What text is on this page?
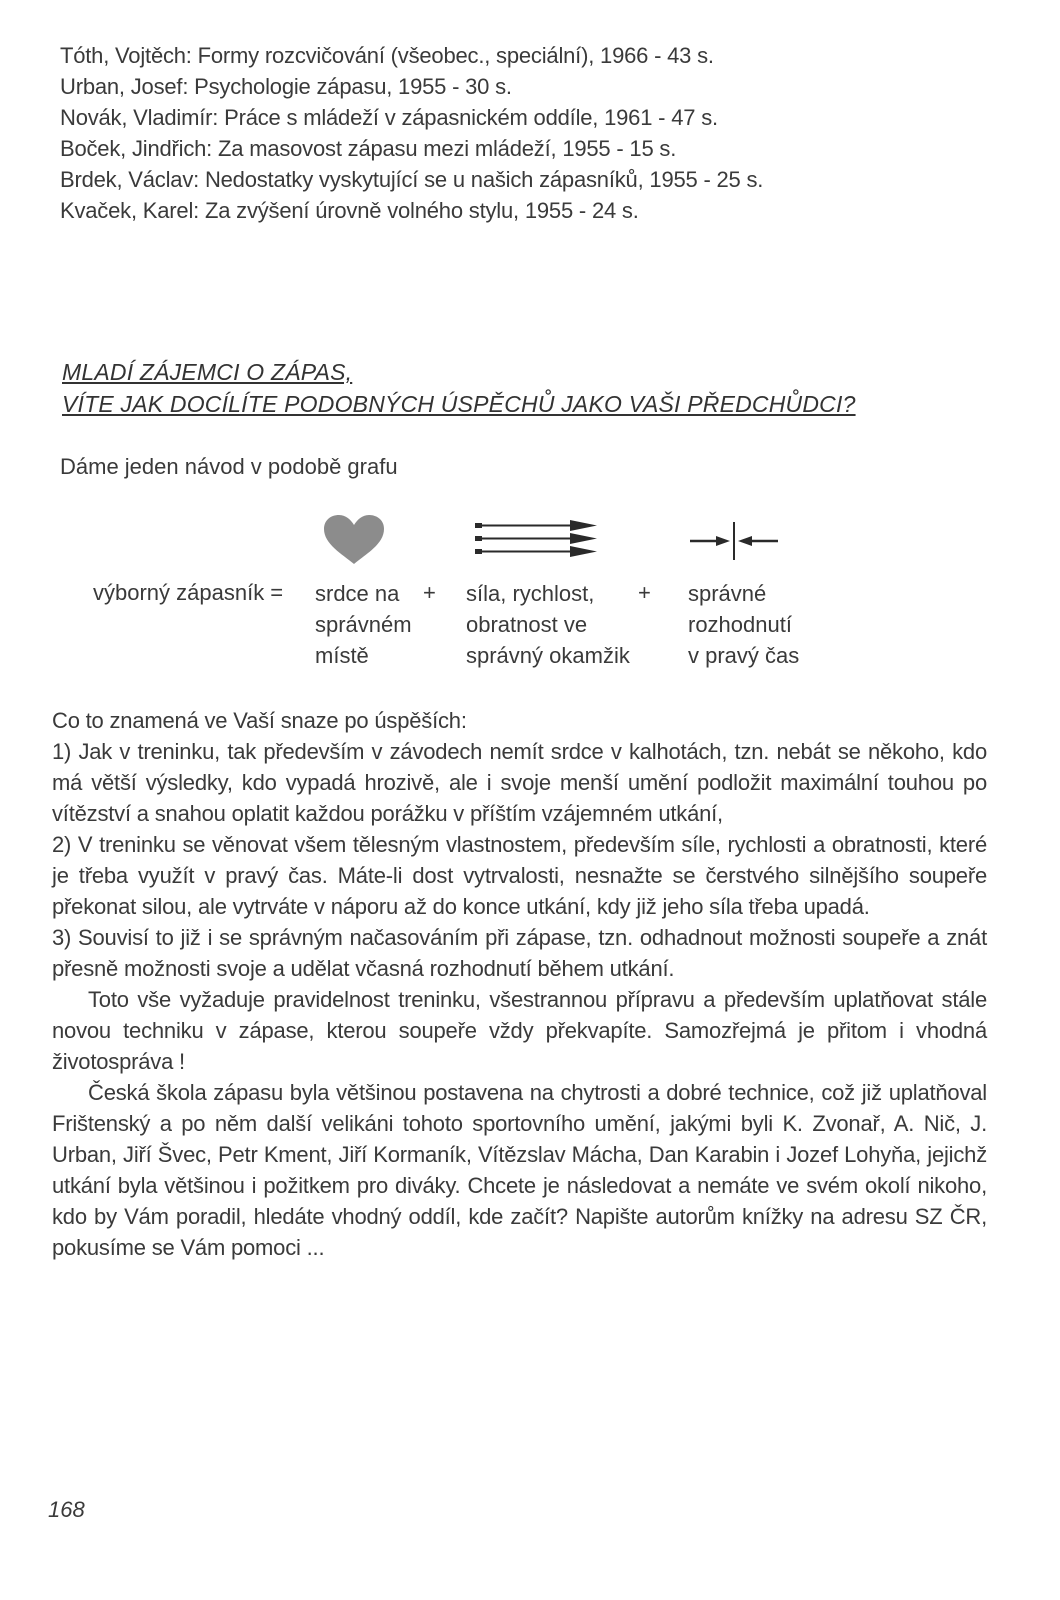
Tóth, Vojtěch: Formy rozcvičování (všeobec., speciální), 1966 - 43 s.
Urban, Josef: Psychologie zápasu, 1955 - 30 s.
Novák, Vladimír: Práce s mládeží v zápasnickém oddíle, 1961 - 47 s.
Boček, Jindřich: Za masovost zápasu mezi mládeží, 1955 - 15 s.
Brdek, Václav: Nedostatky vyskytující se u našich zápasníků, 1955 - 25 s.
Kvaček, Karel: Za zvýšení úrovně volného stylu, 1955 - 24 s.
MLADÍ ZÁJEMCI O ZÁPAS,
VÍTE JAK DOCÍLÍTE PODOBNÝCH ÚSPĚCHŮ JAKO VAŠI PŘEDCHŮDCI?
Dáme jeden návod v podobě grafu
výborný zápasník = srdce na
správném
místě
+ síla, rychlost,
obratnost ve
správný okamžik
+ správné
rozhodnutí
v pravý čas

Co to znamená ve Vaší snaze po úspěších:

1) Jak v treninku, tak především v závodech nemít srdce v kalhotách, tzn. nebát se někoho, kdo má větší výsledky, kdo vypadá hrozivě, ale i svoje menší umění podložit maximální touhou po vítězství a snahou oplatit každou porážku v příštím vzájemném utkání,

2) V treninku se věnovat všem tělesným vlastnostem, především síle, rychlosti a obratnosti, které je třeba využít v pravý čas. Máte-li dost vytrvalosti, nesnažte se čerstvého silnějšího soupeře překonat silou, ale vytrváte v náporu až do konce utkání, kdy již jeho síla třeba upadá.

3) Souvisí to již i se správným načasováním při zápase, tzn. odhadnout možnosti soupeře a znát přesně možnosti svoje a udělat včasná rozhodnutí během utkání.

Toto vše vyžaduje pravidelnost treninku, všestrannou přípravu a především uplatňovat stále novou techniku v zápase, kterou soupeře vždy překvapíte. Samozřejmá je přitom i vhodná životospráva !

Česká škola zápasu byla většinou postavena na chytrosti a dobré technice, což již uplatňoval Frištenský a po něm další velikáni tohoto sportovního umění, jakými byli K. Zvonař, A. Nič, J. Urban, Jiří Švec, Petr Kment, Jiří Kormaník, Vítězslav Mácha, Dan Karabin i Jozef Lohyňa, jejichž utkání byla většinou i požitkem pro diváky. Chcete je následovat a nemáte ve svém okolí nikoho, kdo by Vám poradil, hledáte vhodný oddíl, kde začít? Napište autorům knížky na adresu SZ ČR, pokusíme se Vám pomoci ...

168
